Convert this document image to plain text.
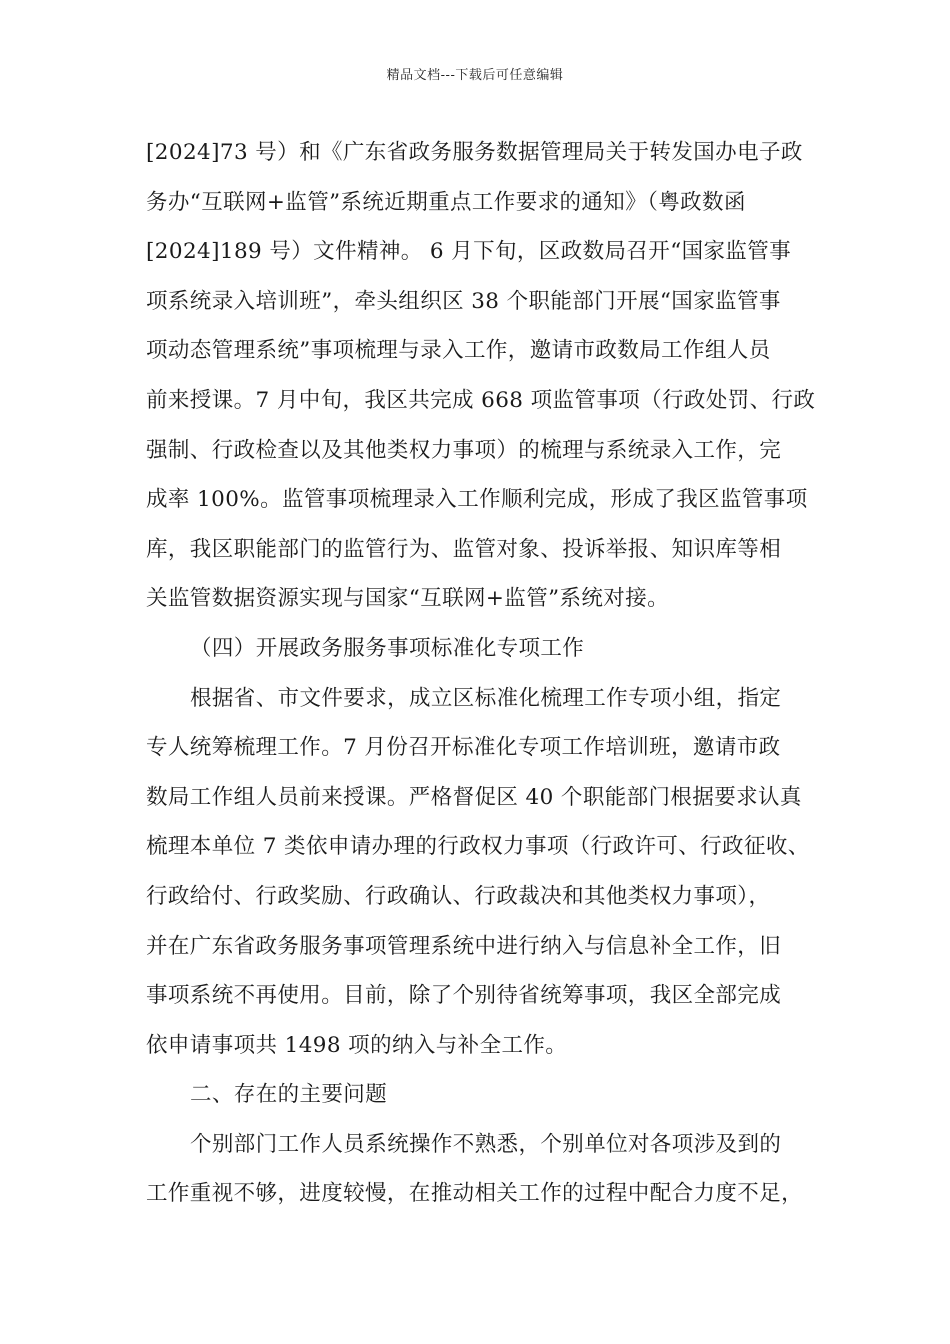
精品文档---下载后可任意编辑
[2024]73 号）和《广东省政务服务数据管理局关于转发国办电子政
务办“互联网+监管”系统近期重点工作要求的通知》（粤政数函
[2024]189 号）文件精神。 6 月下旬，区政数局召开“国家监管事
项系统录入培训班”，牵头组织区 38 个职能部门开展“国家监管事
项动态管理系统”事项梳理与录入工作，邀请市政数局工作组人员
前来授课。7 月中旬，我区共完成 668 项监管事项（行政处罚、行政
强制、行政检查以及其他类权力事项）的梳理与系统录入工作，完
成率 100%。监管事项梳理录入工作顺利完成，形成了我区监管事项
库，我区职能部门的监管行为、监管对象、投诉举报、知识库等相
关监管数据资源实现与国家“互联网+监管”系统对接。
（四）开展政务服务事项标准化专项工作
根据省、市文件要求，成立区标准化梳理工作专项小组，指定
专人统筹梳理工作。7 月份召开标准化专项工作培训班，邀请市政
数局工作组人员前来授课。严格督促区 40 个职能部门根据要求认真
梳理本单位 7 类依申请办理的行政权力事项（行政许可、行政征收、
行政给付、行政奖励、行政确认、行政裁决和其他类权力事项），
并在广东省政务服务事项管理系统中进行纳入与信息补全工作，旧
事项系统不再使用。目前，除了个别待省统筹事项，我区全部完成
依申请事项共 1498 项的纳入与补全工作。
二、存在的主要问题
个别部门工作人员系统操作不熟悉，个别单位对各项涉及到的
工作重视不够，进度较慢，在推动相关工作的过程中配合力度不足，
